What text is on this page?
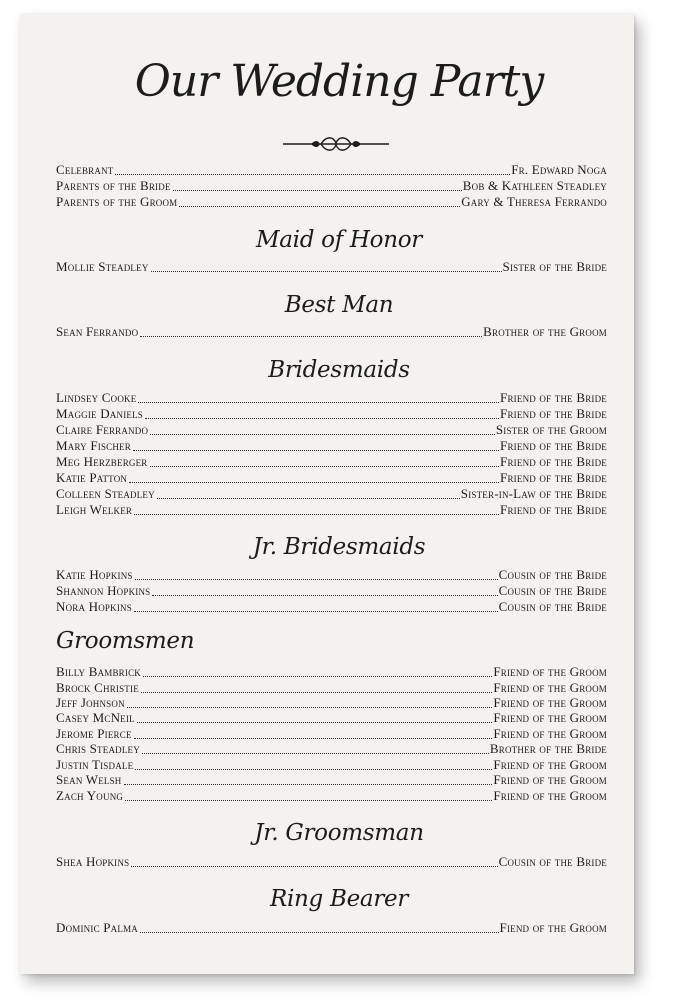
Our Wedding Party
Celebrant	Fr. Edward Noga
Parents of the Bride	Bob & Kathleen Steadley
Parents of the Groom	Gary & Theresa Ferrando
Maid of Honor
Mollie Steadley	Sister of the Bride
Best Man
Sean Ferrando	Brother of the Groom
Bridesmaids
Lindsey Cooke	Friend of the Bride
Maggie Daniels	Friend of the Bride
Claire Ferrando	Sister of the Groom
Mary Fischer	Friend of the Bride
Meg Herzberger	Friend of the Bride
Katie Patton	Friend of the Bride
Colleen Steadley	Sister-in-Law of the Bride
Leigh Welker	Friend of the Bride
Jr. Bridesmaids
Katie Hopkins	Cousin of the Bride
Shannon Hopkins	Cousin of the Bride
Nora Hopkins	Cousin of the Bride
Groomsmen
Billy Bambrick	Friend of the Groom
Brock Christie	Friend of the Groom
Jeff Johnson	Friend of the Groom
Casey McNeil	Friend of the Groom
Jerome Pierce	Friend of the Groom
Chris Steadley	Brother of the Bride
Justin Tisdale	Friend of the Groom
Sean Welsh	Friend of the Groom
Zach Young	Friend of the Groom
Jr. Groomsman
Shea Hopkins	Cousin of the Bride
Ring Bearer
Dominic Palma	Fiend of the Groom
